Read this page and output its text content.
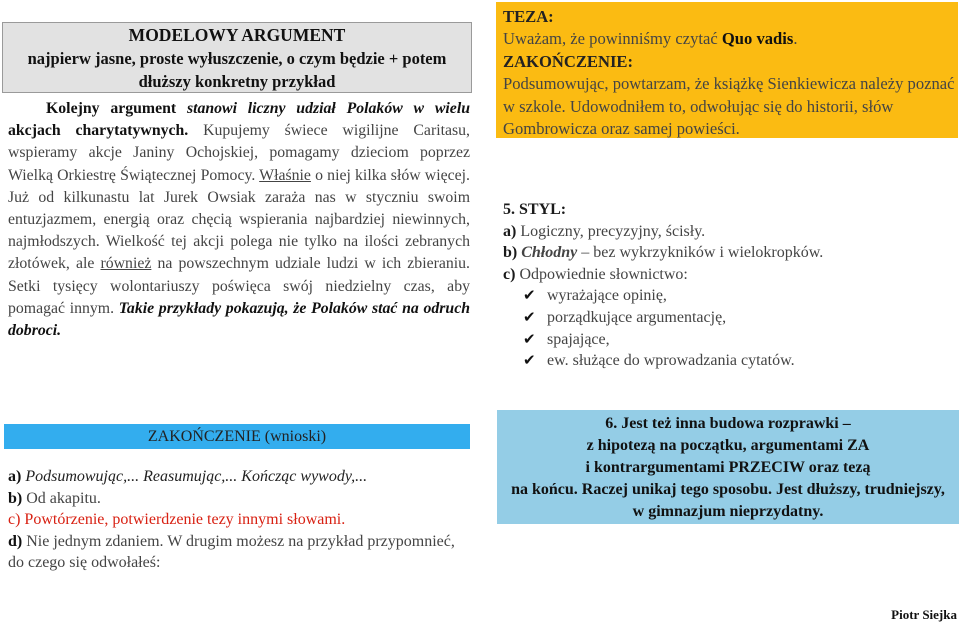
MODELOWY ARGUMENT
najpierw jasne, proste wyłuszczenie, o czym będzie + potem
dłuższy konkretny przykład
Kolejny argument stanowi liczny udział Polaków w wielu akcjach charytatywnych. Kupujemy świece wigilijne Caritasu, wspieramy akcje Janiny Ochojskiej, pomagamy dzieciom poprzez Wielką Orkiestrę Świątecznej Pomocy. Właśnie o niej kilka słów więcej. Już od kilkunastu lat Jurek Owsiak zaraża nas w styczniu swoim entuzjazmem, energią oraz chęcią wspierania najbardziej niewinnych, najmłodszych. Wielkość tej akcji polega nie tylko na ilości zebranych złotówek, ale również na powszechnym udziale ludzi w ich zbieraniu. Setki tysięcy wolontariuszy poświęca swój niedzielny czas, aby pomagać innym. Takie przykłady pokazują, że Polaków stać na odruch dobroci.

TEZA:

Uważam, że powinniśmy czytać Quo vadis.

ZAKOŃCZENIE:

Podsumowując, powtarzam, że książkę Sienkiewicza należy poznać w szkole. Udowodniłem to, odwołując się do historii, słów Gombrowicza oraz samej powieści.

5. STYL:
a) Logiczny, precyzyjny, ścisły.
b) Chłodny – bez wykrzykników i wielokropków.
c) Odpowiednie słownictwo:
✔ wyrażające opinię,
✔ porządkujące argumentację,
✔ spajające,
✔ ew. służące do wprowadzania cytatów.
ZAKOŃCZENIE (wnioski)
a) Podsumowując,... Reasumując,... Kończąc wywody,...
b) Od akapitu.
c) Powtórzenie, potwierdzenie tezy innymi słowami.
d) Nie jednym zdaniem. W drugim możesz na przykład przypomnieć, do czego się odwołałeś:

6. Jest też inna budowa rozprawki –

z hipotezą na początku, argumentami ZA

i kontrargumentami PRZECIW oraz tezą

na końcu. Raczej unikaj tego sposobu. Jest dłuższy, trudniejszy,

w gimnazjum nieprzydatny.

Piotr Siejka
